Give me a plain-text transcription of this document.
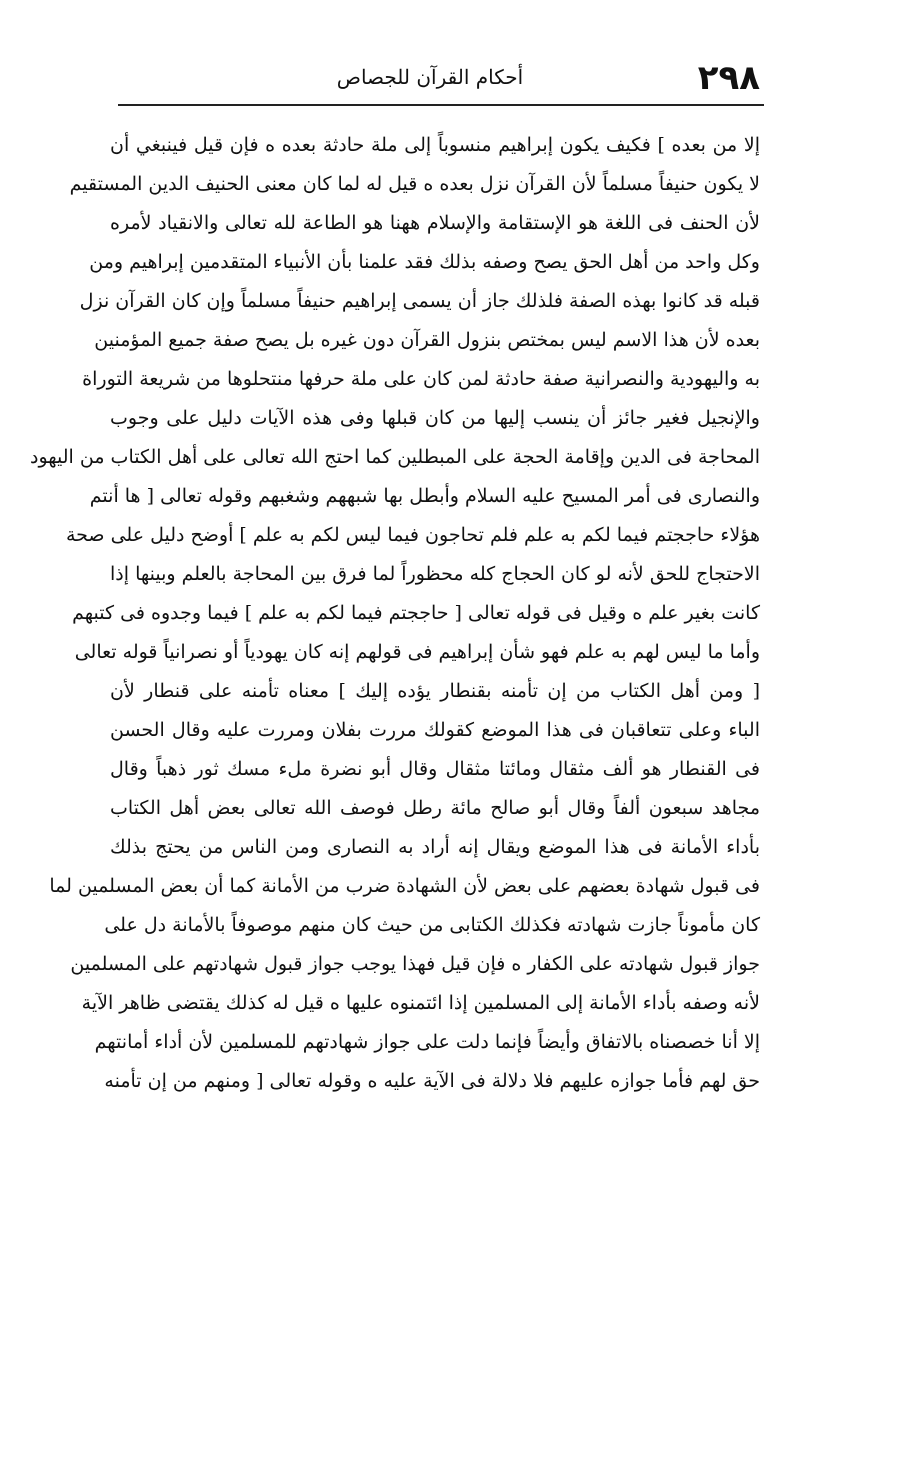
٢٩٨
أحكام القرآن للجصاص
إلا من بعده ] فكيف يكون إبراهيم منسوباً إلى ملة حادثة بعده ه فإن قيل فينبغي أن
لا يكون حنيفاً مسلماً لأن القرآن نزل بعده ه قيل له لما كان معنى الحنيف الدين المستقيم
لأن الحنف فى اللغة هو الإستقامة والإسلام ههنا هو الطاعة لله تعالى والانقياد لأمره
وكل واحد من أهل الحق يصح وصفه بذلك فقد علمنا بأن الأنبياء المتقدمين إبراهيم ومن
قبله قد كانوا بهذه الصفة فلذلك جاز أن يسمى إبراهيم حنيفاً مسلماً وإن كان القرآن نزل
بعده لأن هذا الاسم ليس بمختص بنزول القرآن دون غيره بل يصح صفة جميع المؤمنين
به واليهودية والنصرانية صفة حادثة لمن كان على ملة حرفها منتحلوها من شريعة التوراة
والإنجيل فغير جائز أن ينسب إليها من كان قبلها وفى هذه الآيات دليل على وجوب
المحاجة فى الدين وإقامة الحجة على المبطلين كما احتج الله تعالى على أهل الكتاب من اليهود
والنصارى فى أمر المسيح عليه السلام وأبطل بها شبههم وشغبهم وقوله تعالى [ ها أنتم
هؤلاء حاججتم فيما لكم به علم فلم تحاجون فيما ليس لكم به علم ] أوضح دليل على صحة
الاحتجاج للحق لأنه لو كان الحجاج كله محظوراً لما فرق بين المحاجة بالعلم وبينها إذا
كانت بغير علم ه وقيل فى قوله تعالى [ حاججتم فيما لكم به علم ] فيما وجدوه فى كتبهم
وأما ما ليس لهم به علم فهو شأن إبراهيم فى قولهم إنه كان يهودياً أو نصرانياً قوله تعالى
[ ومن أهل الكتاب من إن تأمنه بقنطار يؤده إليك ] معناه تأمنه على قنطار لأن
الباء وعلى تتعاقبان فى هذا الموضع كقولك مررت بفلان ومررت عليه وقال الحسن
فى القنطار هو ألف مثقال ومائتا مثقال وقال أبو نضرة ملء مسك ثور ذهباً وقال
مجاهد سبعون ألفاً وقال أبو صالح مائة رطل فوصف الله تعالى بعض أهل الكتاب
بأداء الأمانة فى هذا الموضع ويقال إنه أراد به النصارى ومن الناس من يحتج بذلك
فى قبول شهادة بعضهم على بعض لأن الشهادة ضرب من الأمانة كما أن بعض المسلمين لما
كان مأموناً جازت شهادته فكذلك الكتابى من حيث كان منهم موصوفاً بالأمانة دل على
جواز قبول شهادته على الكفار ه فإن قيل فهذا يوجب جواز قبول شهادتهم على المسلمين
لأنه وصفه بأداء الأمانة إلى المسلمين إذا ائتمنوه عليها ه قيل له كذلك يقتضى ظاهر الآية
إلا أنا خصصناه بالاتفاق وأيضاً فإنما دلت على جواز شهادتهم للمسلمين لأن أداء أمانتهم
حق لهم فأما جوازه عليهم فلا دلالة فى الآية عليه ه وقوله تعالى [ ومنهم من إن تأمنه
